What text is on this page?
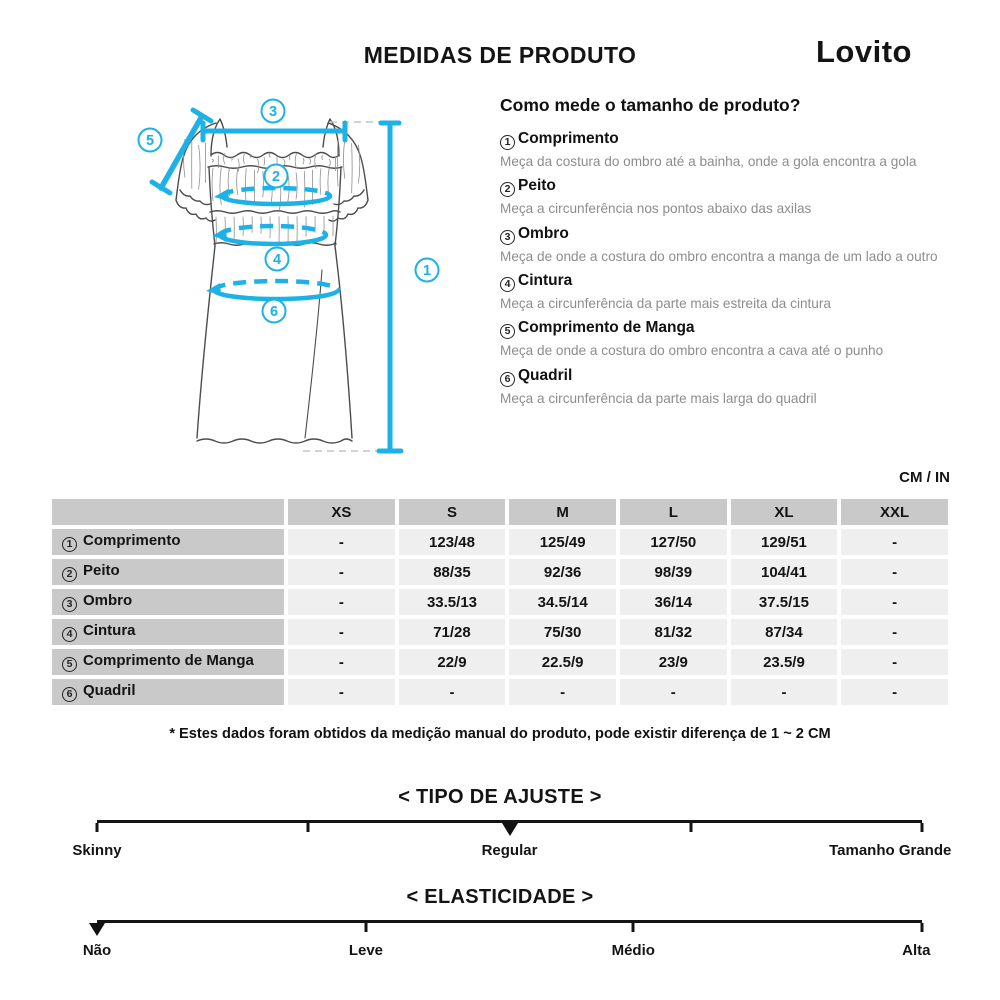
MEDIDAS DE PRODUTO	Lovito
1
2
3
4
5
6
Como mede o tamanho de produto?
1 Comprimento
Meça da costura do ombro até a bainha, onde a gola encontra a gola
2 Peito
Meça a circunferência nos pontos abaixo das axilas
3 Ombro
Meça de onde a costura do ombro encontra a manga de um lado a outro
4 Cintura
Meça a circunferência da parte mais estreita da cintura
5 Comprimento de Manga
Meça de onde a costura do ombro encontra a cava até o punho
6 Quadril
Meça a circunferência da parte mais larga do quadril
CM / IN
	XS	S	M	L	XL	XXL
1 Comprimento	-	123/48	125/49	127/50	129/51	-
2 Peito	-	88/35	92/36	98/39	104/41	-
3 Ombro	-	33.5/13	34.5/14	36/14	37.5/15	-
4 Cintura	-	71/28	75/30	81/32	87/34	-
5 Comprimento de Manga	-	22/9	22.5/9	23/9	23.5/9	-
6 Quadril	-	-	-	-	-	-

* Estes dados foram obtidos da medição manual do produto, pode existir diferença de 1 ~ 2 CM

< TIPO DE AJUSTE >
Skinny	Regular	Tamanho Grande
< ELASTICIDADE >
Não	Leve	Médio	Alta
